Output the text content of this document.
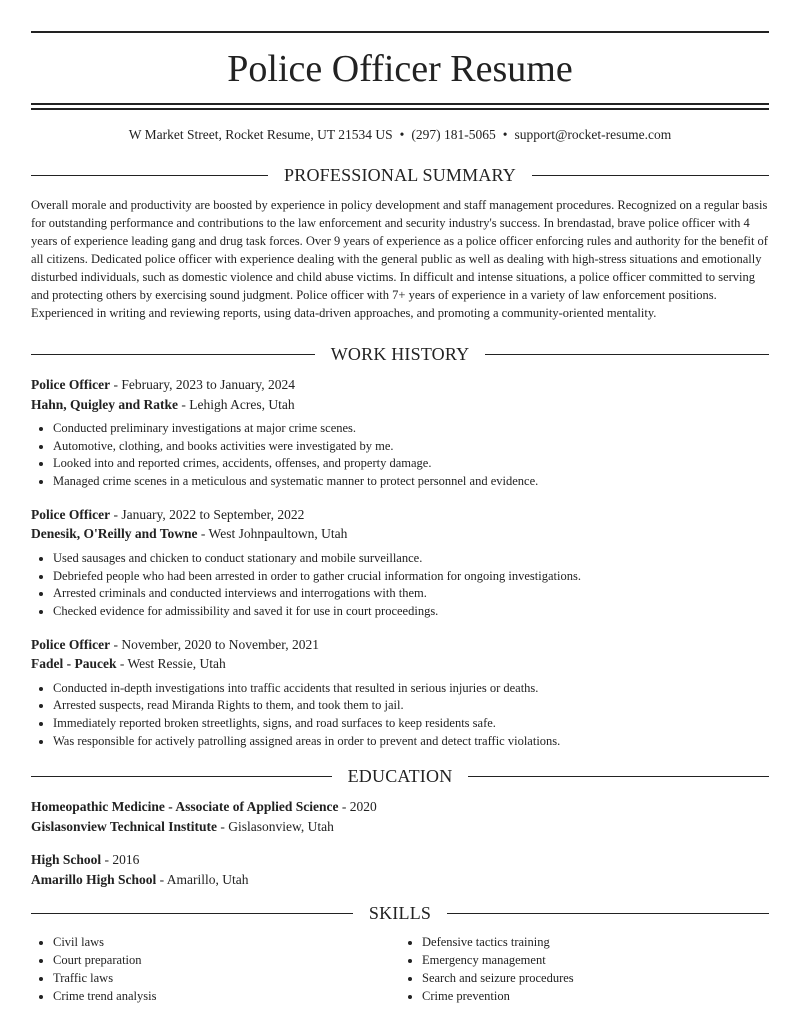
Police Officer Resume
W Market Street, Rocket Resume, UT 21534 US • (297) 181-5065 • support@rocket-resume.com
PROFESSIONAL SUMMARY

Overall morale and productivity are boosted by experience in policy development and staff management procedures. Recognized on a regular basis for outstanding performance and contributions to the law enforcement and security industry's success. In brendastad, brave police officer with 4 years of experience leading gang and drug task forces. Over 9 years of experience as a police officer enforcing rules and authority for the benefit of all citizens. Dedicated police officer with experience dealing with the general public as well as dealing with high-stress situations and emotionally disturbed individuals, such as domestic violence and child abuse victims. In difficult and intense situations, a police officer committed to serving and protecting others by exercising sound judgment. Police officer with 7+ years of experience in a variety of law enforcement positions. Experienced in writing and reviewing reports, using data-driven approaches, and promoting a community-oriented mentality.

WORK HISTORY
Police Officer - February, 2023 to January, 2024
Hahn, Quigley and Ratke - Lehigh Acres, Utah
• Conducted preliminary investigations at major crime scenes.
• Automotive, clothing, and books activities were investigated by me.
• Looked into and reported crimes, accidents, offenses, and property damage.
• Managed crime scenes in a meticulous and systematic manner to protect personnel and evidence.
Police Officer - January, 2022 to September, 2022
Denesik, O'Reilly and Towne - West Johnpaultown, Utah
• Used sausages and chicken to conduct stationary and mobile surveillance.
• Debriefed people who had been arrested in order to gather crucial information for ongoing investigations.
• Arrested criminals and conducted interviews and interrogations with them.
• Checked evidence for admissibility and saved it for use in court proceedings.
Police Officer - November, 2020 to November, 2021
Fadel - Paucek - West Ressie, Utah
• Conducted in-depth investigations into traffic accidents that resulted in serious injuries or deaths.
• Arrested suspects, read Miranda Rights to them, and took them to jail.
• Immediately reported broken streetlights, signs, and road surfaces to keep residents safe.
• Was responsible for actively patrolling assigned areas in order to prevent and detect traffic violations.
EDUCATION
Homeopathic Medicine - Associate of Applied Science - 2020
Gislasonview Technical Institute - Gislasonview, Utah
High School - 2016
Amarillo High School - Amarillo, Utah
SKILLS
• Civil laws
• Court preparation
• Traffic laws
• Crime trend analysis
• Defensive tactics training
• Emergency management
• Search and seizure procedures
• Crime prevention
